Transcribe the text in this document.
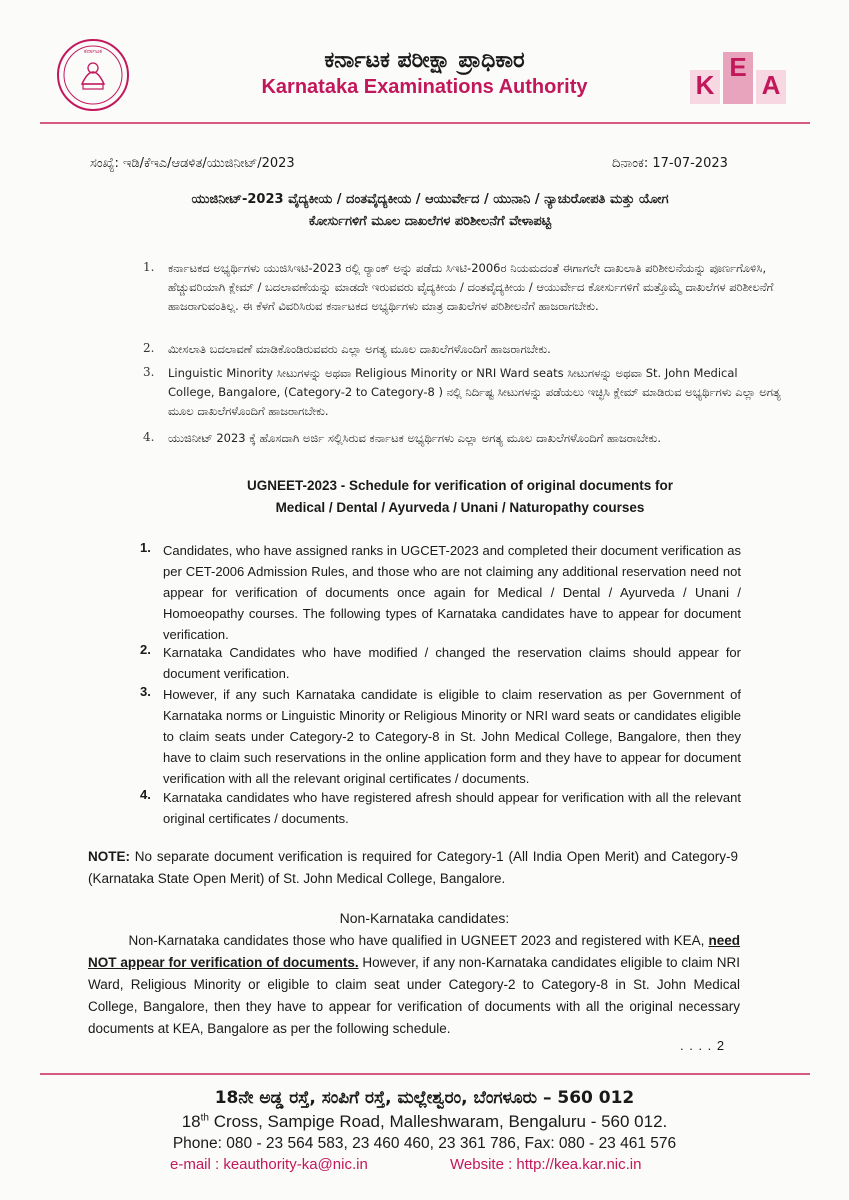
ಕರ್ನಾಟಕ	ಕರ್ನಾಟಕ ಪರೀಕ್ಷಾ ಪ್ರಾಧಿಕಾರ
Karnataka Examinations Authority	K
E
A
ಸಂಖ್ಯೆ: ಇಡಿ/ಕೆಇಎ/ಆಡಳಿತ/ಯುಜಿನೀಟ್/2023	ದಿನಾಂಕ: 17-07-2023
ಯುಜಿನೀಟ್-2023 ವೈದ್ಯಕೀಯ / ದಂತವೈದ್ಯಕೀಯ / ಆಯುರ್ವೇದ / ಯುನಾನಿ / ನ್ಯಾಚುರೋಪತಿ ಮತ್ತು ಯೋಗ
ಕೋರ್ಸುಗಳಿಗೆ ಮೂಲ ದಾಖಲೆಗಳ ಪರಿಶೀಲನೆಗೆ ವೇಳಾಪಟ್ಟಿ
1. ಕರ್ನಾಟಕದ ಅಭ್ಯರ್ಥಿಗಳು ಯುಜಿಸಿಇಟಿ-2023 ರಲ್ಲಿ ರ್‍ಯಾಂಕ್ ಅನ್ನು ಪಡೆದು ಸಿಇಟಿ-2006ರ ನಿಯಮದಂತೆ ಈಗಾಗಲೇ ದಾಖಲಾತಿ ಪರಿಶೀಲನೆಯನ್ನು ಪೂರ್ಣಗೊಳಿಸಿ, ಹೆಚ್ಚುವರಿಯಾಗಿ ಕ್ಲೇಮ್ / ಬದಲಾವಣೆಯನ್ನು ಮಾಡದೇ ಇರುವವರು ವೈದ್ಯಕೀಯ / ದಂತವೈದ್ಯಕೀಯ / ಆಯುರ್ವೇದ ಕೋರ್ಸುಗಳಿಗೆ ಮತ್ತೊಮ್ಮೆ ದಾಖಲೆಗಳ ಪರಿಶೀಲನೆಗೆ ಹಾಜರಾಗುವಂತಿಲ್ಲ. ಈ ಕೆಳಗೆ ವಿವರಿಸಿರುವ ಕರ್ನಾಟಕದ ಅಭ್ಯರ್ಥಿಗಳು ಮಾತ್ರ ದಾಖಲೆಗಳ ಪರಿಶೀಲನೆಗೆ ಹಾಜರಾಗಬೇಕು.
2. ಮೀಸಲಾತಿ ಬದಲಾವಣೆ ಮಾಡಿಕೊಂಡಿರುವವರು ಎಲ್ಲಾ ಅಗತ್ಯ ಮೂಲ ದಾಖಲೆಗಳೊಂದಿಗೆ ಹಾಜರಾಗಬೇಕು.
3. Linguistic Minority ಸೀಟುಗಳನ್ನು ಅಥವಾ Religious Minority or NRI Ward seats ಸೀಟುಗಳನ್ನು ಅಥವಾ St. John Medical College, Bangalore, (Category-2 to Category-8 ) ನಲ್ಲಿ ನಿರ್ದಿಷ್ಟ ಸೀಟುಗಳನ್ನು ಪಡೆಯಲು ಇಚ್ಛಿಸಿ ಕ್ಲೇಮ್ ಮಾಡಿರುವ ಅಭ್ಯರ್ಥಿಗಳು ಎಲ್ಲಾ ಅಗತ್ಯ ಮೂಲ ದಾಖಲೆಗಳೊಂದಿಗೆ ಹಾಜರಾಗಬೇಕು.
4. ಯುಜಿನೀಟ್ 2023 ಕ್ಕೆ ಹೊಸದಾಗಿ ಅರ್ಜಿ ಸಲ್ಲಿಸಿರುವ ಕರ್ನಾಟಕ ಅಭ್ಯರ್ಥಿಗಳು ಎಲ್ಲಾ ಅಗತ್ಯ ಮೂಲ ದಾಖಲೆಗಳೊಂದಿಗೆ ಹಾಜರಾಬೇಕು.
UGNEET-2023 - Schedule for verification of original documents for
Medical / Dental / Ayurveda / Unani / Naturopathy courses
1. Candidates, who have assigned ranks in UGCET-2023 and completed their document verification as per CET-2006 Admission Rules, and those who are not claiming any additional reservation need not appear for verification of documents once again for Medical / Dental / Ayurveda / Unani / Homoeopathy courses. The following types of Karnataka candidates have to appear for document verification.
2. Karnataka Candidates who have modified / changed the reservation claims should appear for document verification.
3. However, if any such Karnataka candidate is eligible to claim reservation as per Government of Karnataka norms or Linguistic Minority or Religious Minority or NRI ward seats or candidates eligible to claim seats under Category-2 to Category-8 in St. John Medical College, Bangalore, then they have to claim such reservations in the online application form and they have to appear for document verification with all the relevant original certificates / documents.
4. Karnataka candidates who have registered afresh should appear for verification with all the relevant original certificates / documents.
NOTE: No separate document verification is required for Category-1 (All India Open Merit) and Category-9 (Karnataka State Open Merit) of St. John Medical College, Bangalore.
Non-Karnataka candidates:
   Non-Karnataka candidates those who have qualified in UGNEET 2023 and registered with KEA, need NOT appear for verification of documents. However, if any non-Karnataka candidates eligible to claim NRI Ward, Religious Minority or eligible to claim seat under Category-2 to Category-8 in St. John Medical College, Bangalore, then they have to appear for verification of documents with all the original necessary documents at KEA, Bangalore as per the following schedule.
. . . . 2
18ನೇ ಅಡ್ಡ ರಸ್ತೆ, ಸಂಪಿಗೆ ರಸ್ತೆ, ಮಲ್ಲೇಶ್ವರಂ, ಬೆಂಗಳೂರು – 560 012
18th Cross, Sampige Road, Malleshwaram, Bengaluru - 560 012.
Phone: 080 - 23 564 583, 23 460 460, 23 361 786, Fax: 080 - 23 461 576
e-mail : keauthority-ka@nic.in	Website : http://kea.kar.nic.in
